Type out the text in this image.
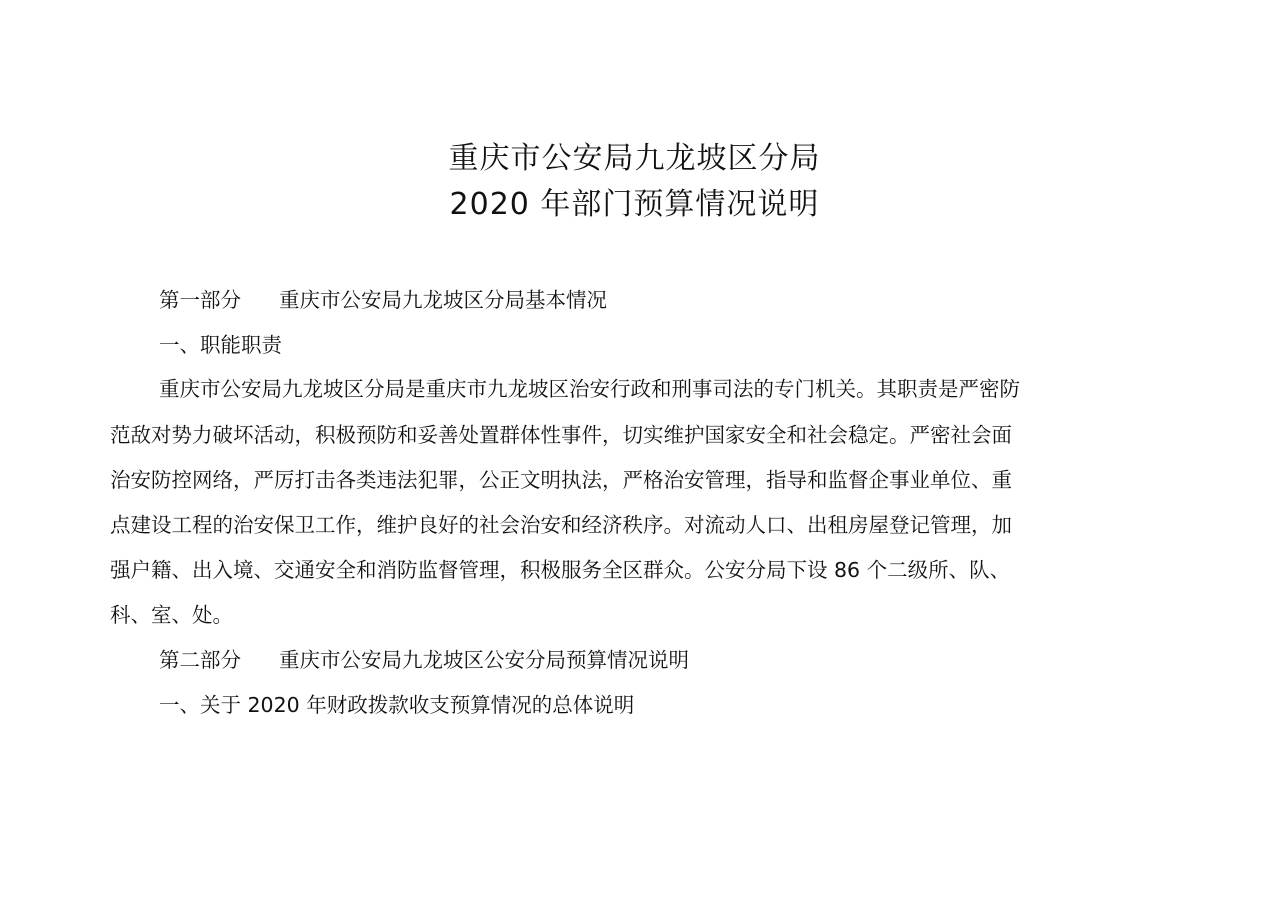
重庆市公安局九龙坡区分局
2020 年部门预算情况说明

第一部分 重庆市公安局九龙坡区分局基本情况

一、职能职责

重庆市公安局九龙坡区分局是重庆市九龙坡区治安行政和刑事司法的专门机关。其职责是严密防

范敌对势力破坏活动，积极预防和妥善处置群体性事件，切实维护国家安全和社会稳定。严密社会面

治安防控网络，严厉打击各类违法犯罪，公正文明执法，严格治安管理，指导和监督企事业单位、重

点建设工程的治安保卫工作，维护良好的社会治安和经济秩序。对流动人口、出租房屋登记管理，加

强户籍、出入境、交通安全和消防监督管理，积极服务全区群众。公安分局下设 86 个二级所、队、

科、室、处。

第二部分 重庆市公安局九龙坡区公安分局预算情况说明

一、关于 2020 年财政拨款收支预算情况的总体说明
